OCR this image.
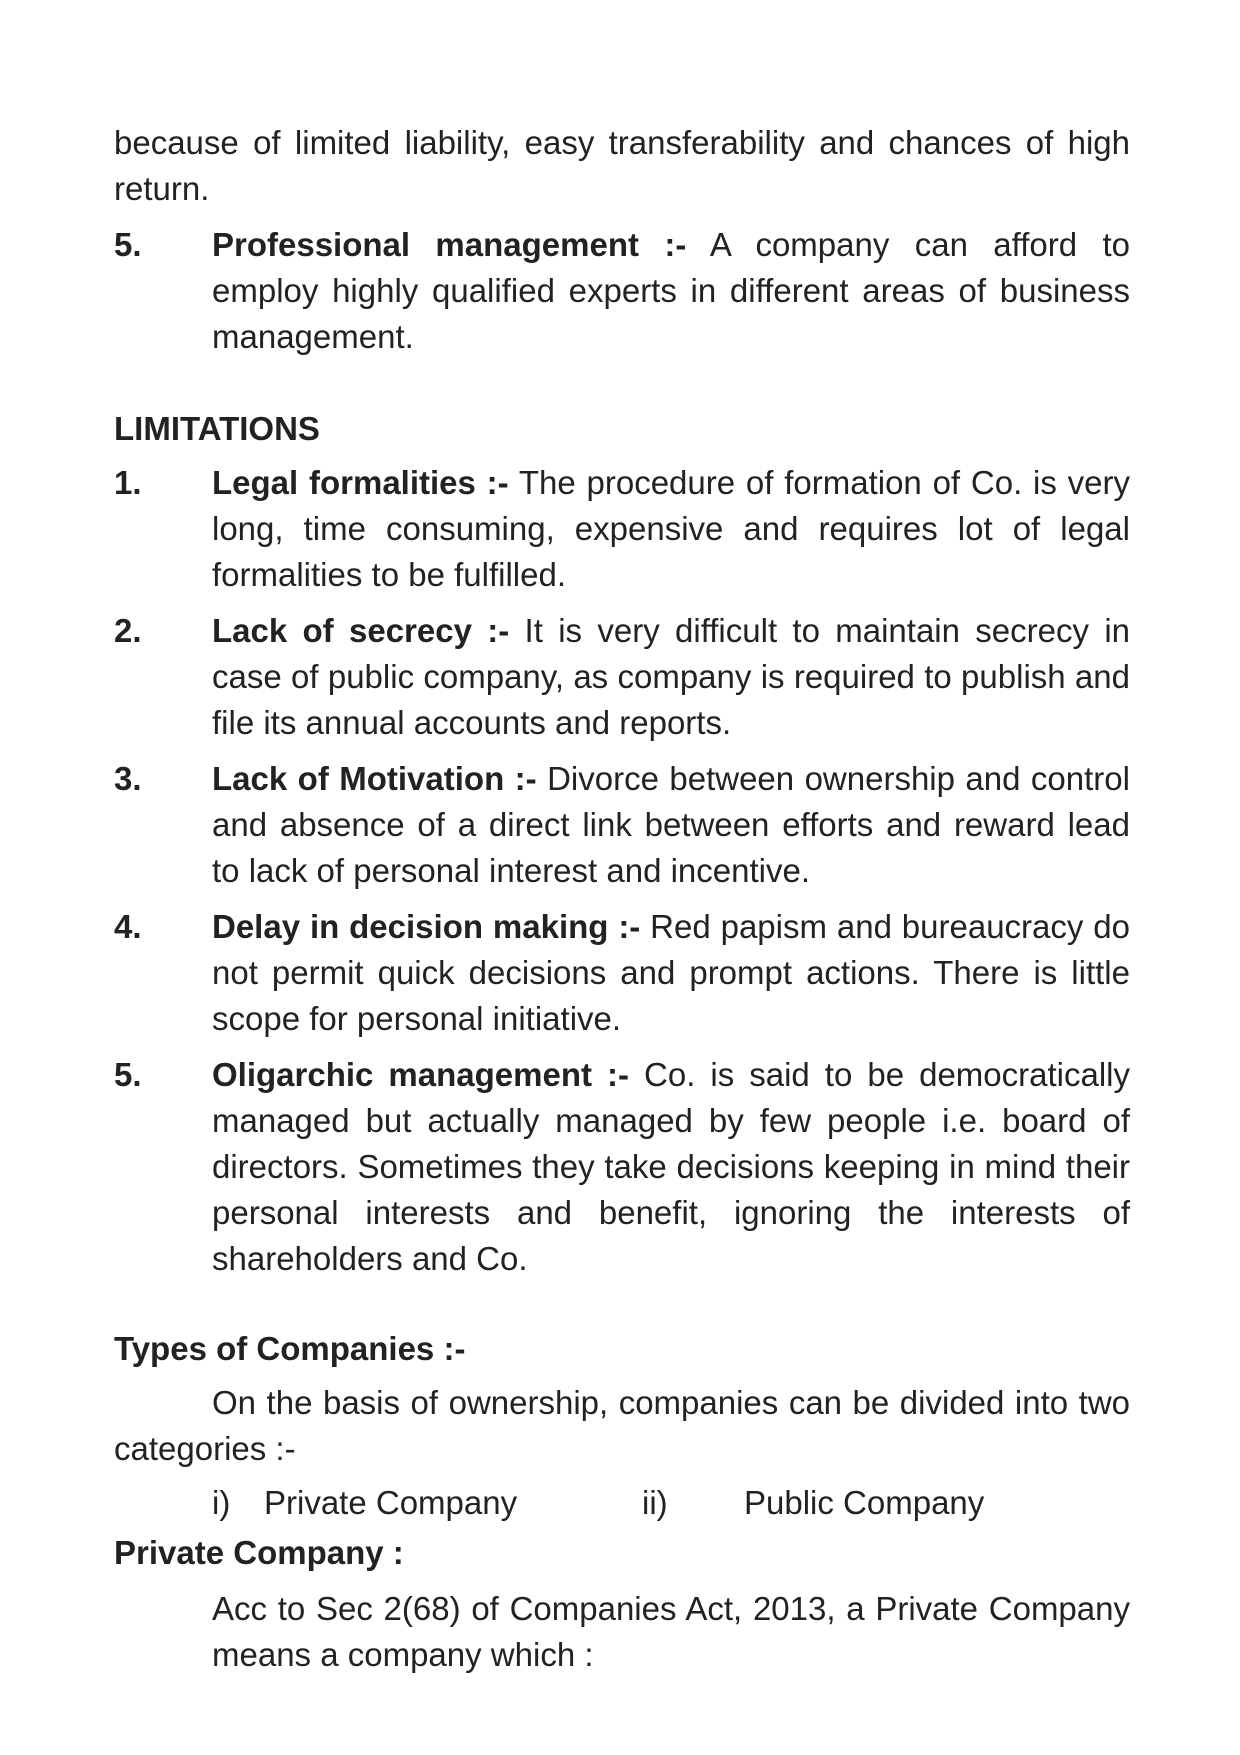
because of limited liability, easy transferability and chances of high return.

5.	Professional management :- A company can afford to employ highly qualified experts in different areas of business management.

LIMITATIONS

1.	Legal formalities :- The procedure of formation of Co. is very long, time consuming, expensive and requires lot of legal formalities to be fulfilled.

2.	Lack of secrecy :- It is very difficult to maintain secrecy in case of public company, as company is required to publish and file its annual accounts and reports.

3.	Lack of Motivation :- Divorce between ownership and control and absence of a direct link between efforts and reward lead to lack of personal interest and incentive.

4.	Delay in decision making :- Red papism and bureaucracy do not permit quick decisions and prompt actions. There is little scope for personal initiative.

5.	Oligarchic management :- Co. is said to be democratically managed but actually managed by few people i.e. board of directors. Sometimes they take decisions keeping in mind their personal interests and benefit, ignoring the interests of shareholders and Co.

Types of Companies :-

On the basis of ownership, companies can be divided into two categories :-

i) Private Company	ii) Public Company

Private Company :

Acc to Sec 2(68) of Companies Act, 2013, a Private Company means a company which :
